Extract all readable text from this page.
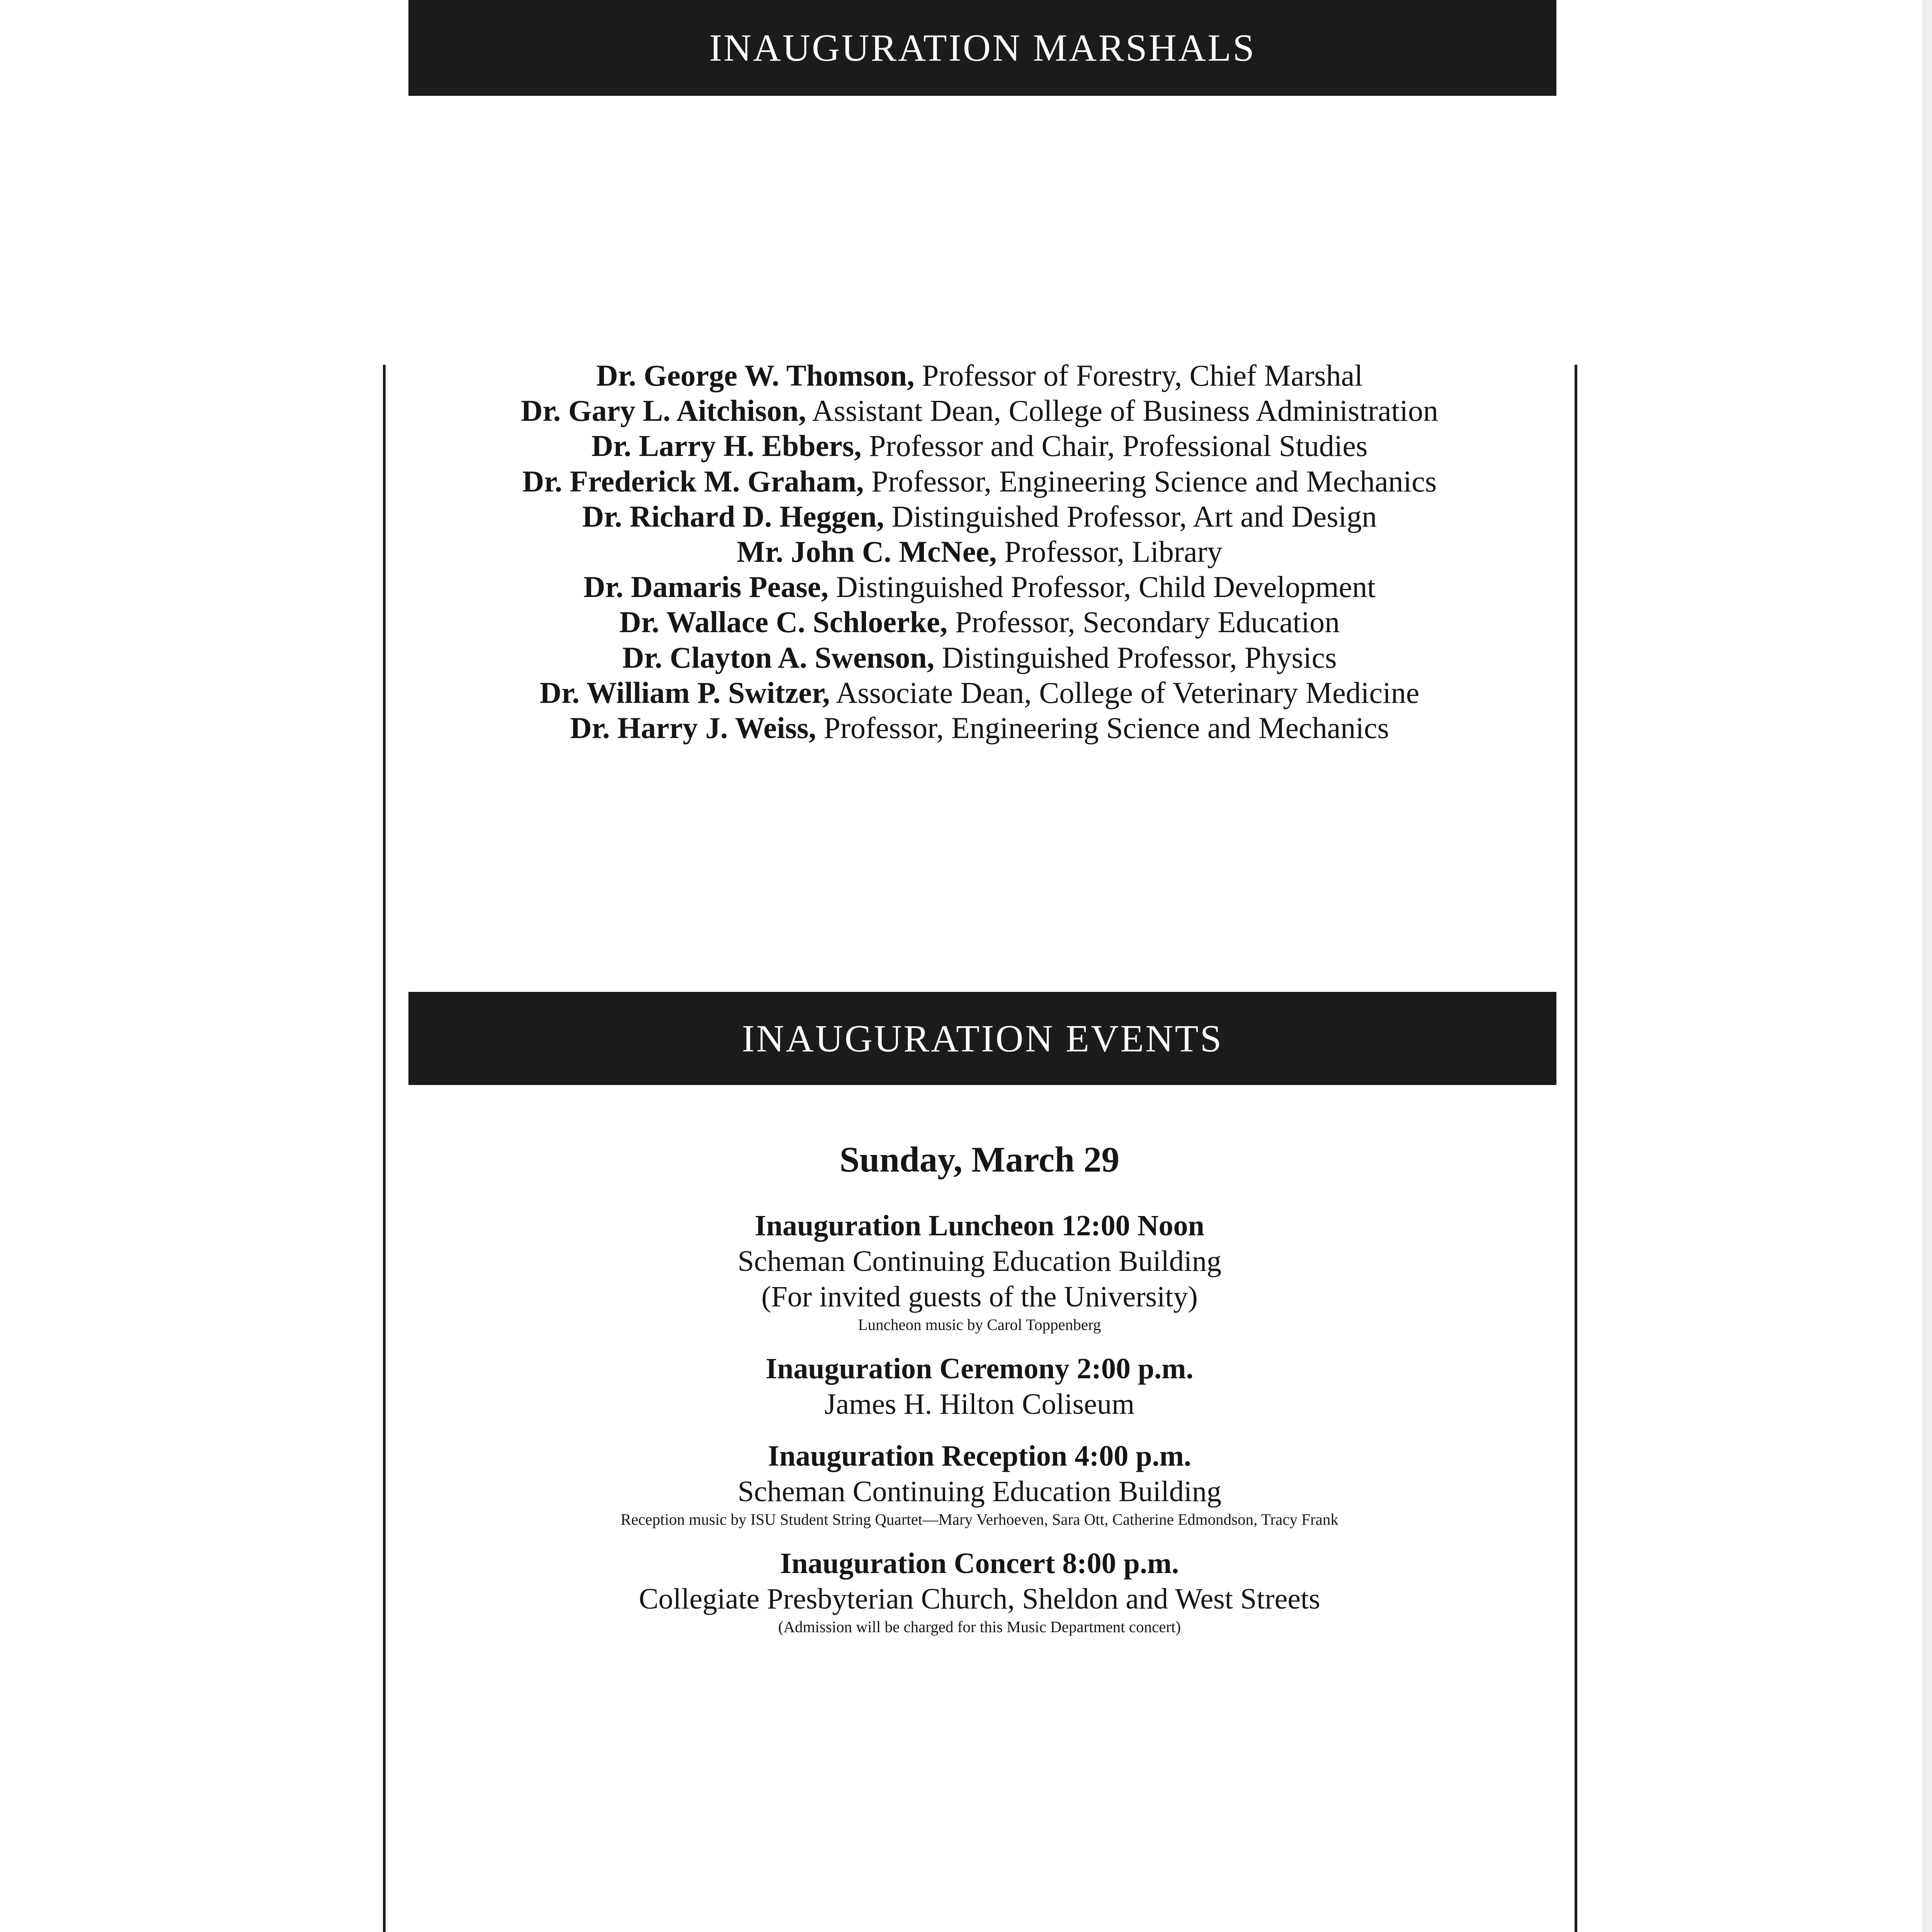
INAUGURATION MARSHALS
Dr. George W. Thomson, Professor of Forestry, Chief Marshal
Dr. Gary L. Aitchison, Assistant Dean, College of Business Administration
Dr. Larry H. Ebbers, Professor and Chair, Professional Studies
Dr. Frederick M. Graham, Professor, Engineering Science and Mechanics
Dr. Richard D. Heggen, Distinguished Professor, Art and Design
Mr. John C. McNee, Professor, Library
Dr. Damaris Pease, Distinguished Professor, Child Development
Dr. Wallace C. Schloerke, Professor, Secondary Education
Dr. Clayton A. Swenson, Distinguished Professor, Physics
Dr. William P. Switzer, Associate Dean, College of Veterinary Medicine
Dr. Harry J. Weiss, Professor, Engineering Science and Mechanics
INAUGURATION EVENTS
Sunday, March 29
Inauguration Luncheon 12:00 Noon
Scheman Continuing Education Building
(For invited guests of the University)
Luncheon music by Carol Toppenberg
Inauguration Ceremony 2:00 p.m.
James H. Hilton Coliseum
Inauguration Reception 4:00 p.m.
Scheman Continuing Education Building
Reception music by ISU Student String Quartet—Mary Verhoeven, Sara Ott, Catherine Edmondson, Tracy Frank
Inauguration Concert 8:00 p.m.
Collegiate Presbyterian Church, Sheldon and West Streets
(Admission will be charged for this Music Department concert)
